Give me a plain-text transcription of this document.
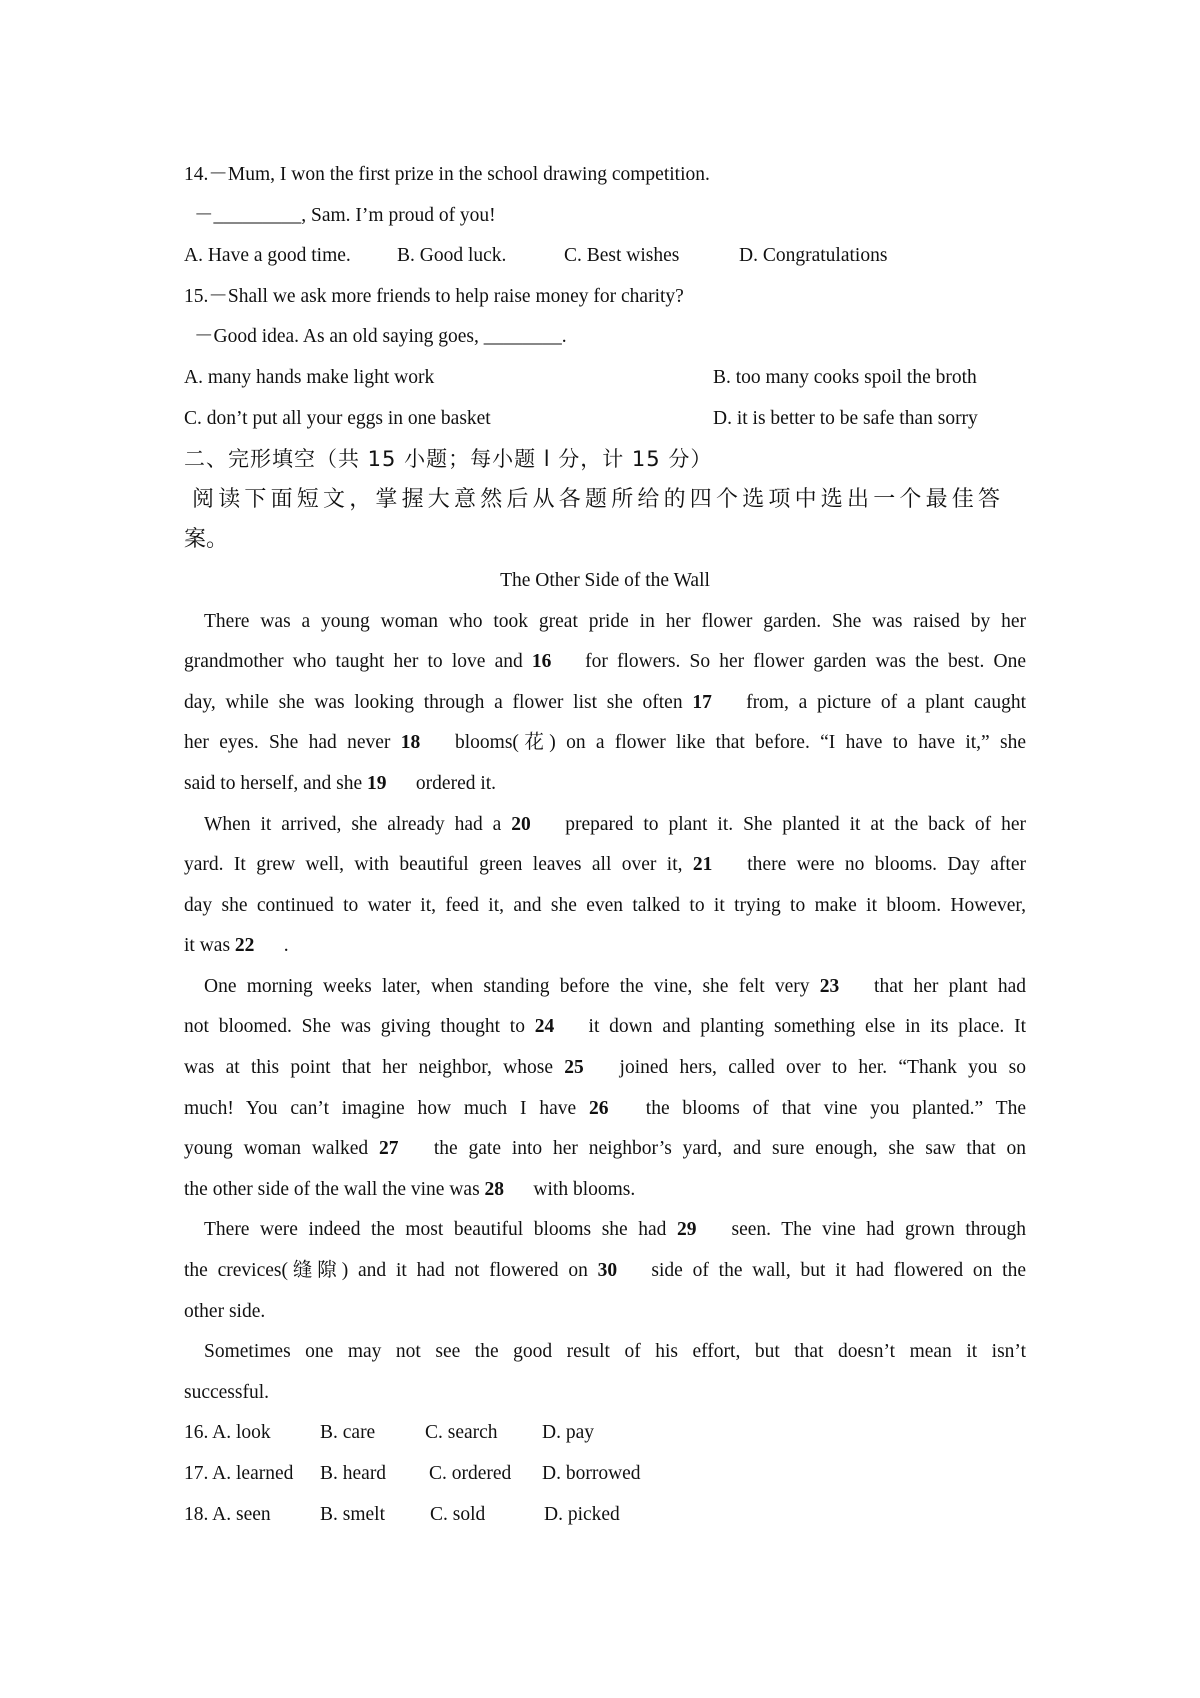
14.－Mum, I won the first prize in the school drawing competition.
－_________, Sam. I’m proud of you!
A. Have a good time. B. Good luck.	C. Best wishes	D. Congratulations
15.－Shall we ask more friends to help raise money for charity?
－Good idea. As an old saying goes, ________.
A. many hands make light work	B. too many cooks spoil the broth
C. don’t put all your eggs in one basket	D. it is better to be safe than sorry
二、完形填空（共 15 小题；每小题 l 分，计 15 分）
阅读下面短文，掌握大意然后从各题所给的四个选项中选出一个最佳答
案。
The Other Side of the Wall
There was a young woman who took great pride in her flower garden. She was raised by her
grandmother who taught her to love and 16 for flowers. So her flower garden was the best. One
day, while she was looking through a flower list she often 17 from, a picture of a plant caught
her eyes. She had never 18 blooms(花) on a flower like that before. “I have to have it,” she
said to herself, and she 19 ordered it.
When it arrived, she already had a 20 prepared to plant it. She planted it at the back of her
yard. It grew well, with beautiful green leaves all over it, 21 there were no blooms. Day after
day she continued to water it, feed it, and she even talked to it trying to make it bloom. However,
it was 22 .
One morning weeks later, when standing before the vine, she felt very 23 that her plant had
not bloomed. She was giving thought to 24 it down and planting something else in its place. It
was at this point that her neighbor, whose 25 joined hers, called over to her. “Thank you so
much! You can’t imagine how much I have 26 the blooms of that vine you planted.” The
young woman walked 27 the gate into her neighbor’s yard, and sure enough, she saw that on
the other side of the wall the vine was 28 with blooms.
There were indeed the most beautiful blooms she had 29 seen. The vine had grown through
the crevices(缝隙) and it had not flowered on 30 side of the wall, but it had flowered on the
other side.
Sometimes one may not see the good result of his effort, but that doesn’t mean it isn’t
successful.
16. A. look	B. care	C. search D. pay
17. A. learned B. heard C. ordered D. borrowed
18. A. seen	B. smelt C. sold	D. picked
